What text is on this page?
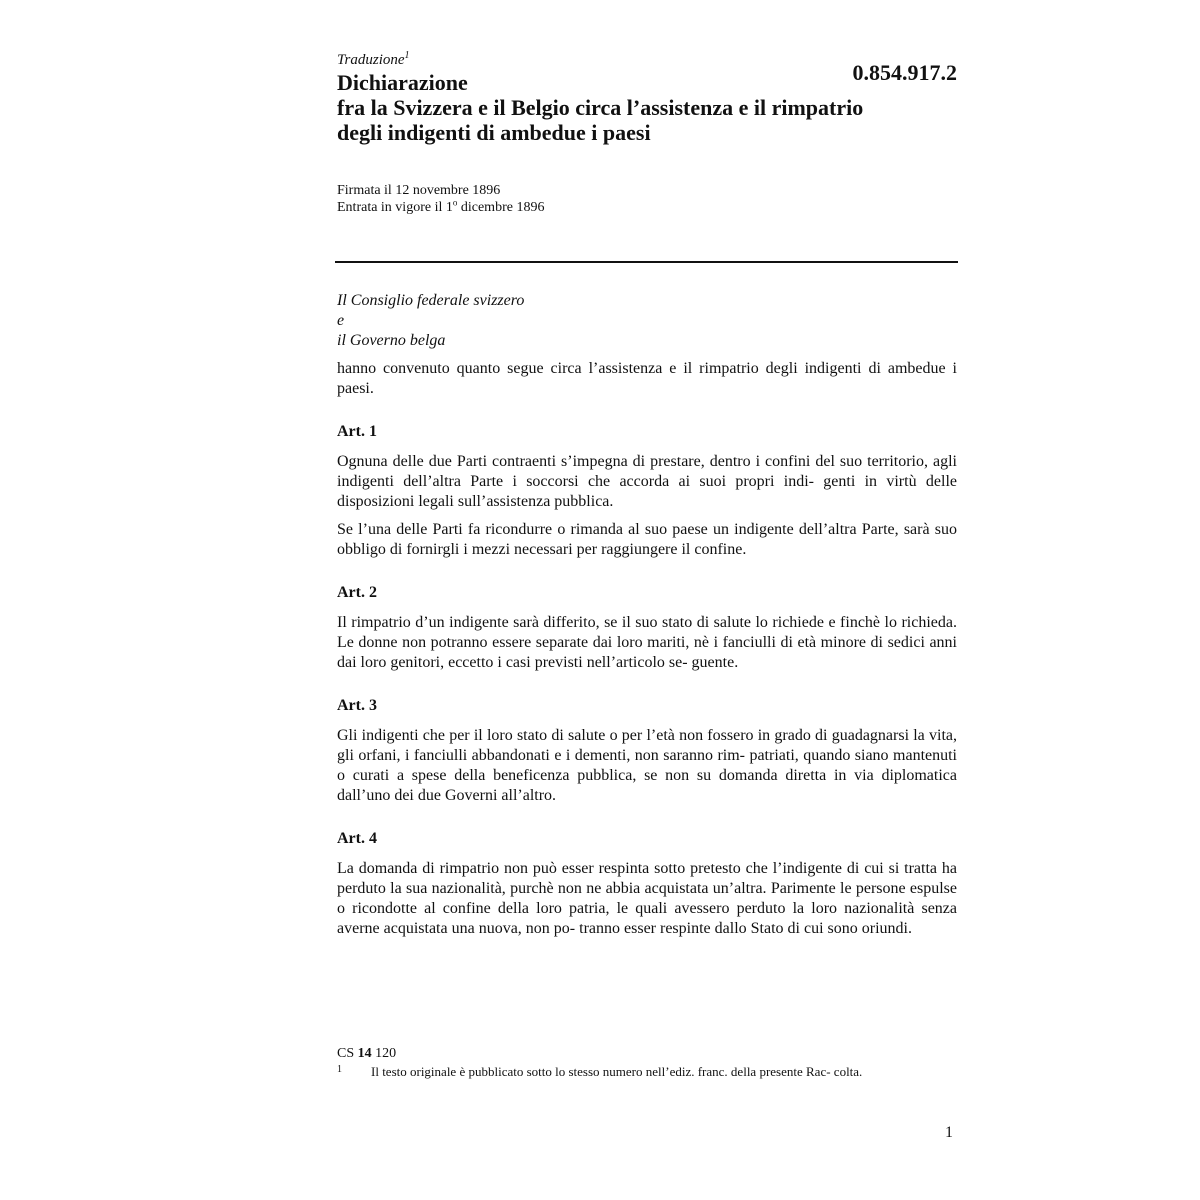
Traduzione$^1$
0.854.917.2
Dichiarazione
fra la Svizzera e il Belgio circa l’assistenza e il rimpatrio
degli indigenti di ambedue i paesi
Firmata il 12 novembre 1896
Entrata in vigore il 1$^o$ dicembre 1896
Il Consiglio federale svizzero
e
il Governo belga

hanno convenuto quanto segue circa l’assistenza e il rimpatrio degli indigenti di ambedue i paesi.

Art. 1

Ognuna delle due Parti contraenti s’impegna di prestare, dentro i confini del suo territorio, agli indigenti dell’altra Parte i soccorsi che accorda ai suoi propri indi- genti in virtù delle disposizioni legali sull’assistenza pubblica.

Se l’una delle Parti fa ricondurre o rimanda al suo paese un indigente dell’altra Parte, sarà suo obbligo di fornirgli i mezzi necessari per raggiungere il confine.

Art. 2

Il rimpatrio d’un indigente sarà differito, se il suo stato di salute lo richiede e finchè lo richieda. Le donne non potranno essere separate dai loro mariti, nè i fanciulli di età minore di sedici anni dai loro genitori, eccetto i casi previsti nell’articolo se- guente.

Art. 3

Gli indigenti che per il loro stato di salute o per l’età non fossero in grado di guadagnarsi la vita, gli orfani, i fanciulli abbandonati e i dementi, non saranno rim- patriati, quando siano mantenuti o curati a spese della beneficenza pubblica, se non su domanda diretta in via diplomatica dall’uno dei due Governi all’altro.

Art. 4

La domanda di rimpatrio non può esser respinta sotto pretesto che l’indigente di cui si tratta ha perduto la sua nazionalità, purchè non ne abbia acquistata un’altra. Parimente le persone espulse o ricondotte al confine della loro patria, le quali avessero perduto la loro nazionalità senza averne acquistata una nuova, non po- tranno esser respinte dallo Stato di cui sono oriundi.

CS 14 120
1 Il testo originale è pubblicato sotto lo stesso numero nell’ediz. franc. della presente Rac- colta.
1
